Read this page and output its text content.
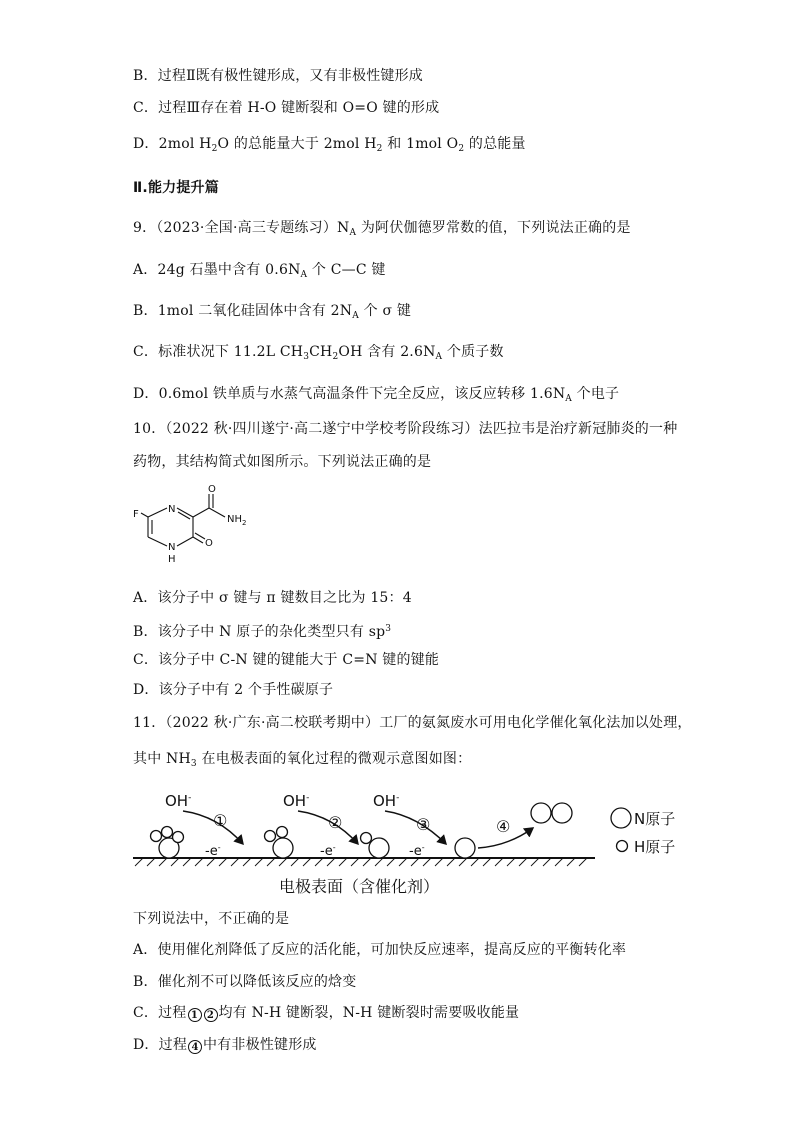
B．过程Ⅱ既有极性键形成，又有非极性键形成
C．过程Ⅲ存在着 H-O 键断裂和 O=O 键的形成
D．2mol $H_2O$ 的总能量大于 2mol $H_2$ 和 1mol $O_2$ 的总能量
Ⅱ.能力提升篇
9．（2023·全国·高三专题练习）$N_A$ 为阿伏伽德罗常数的值，下列说法正确的是
A．24g 石墨中含有 $0.6N_A$ 个 C—C 键
B．1mol 二氧化硅固体中含有 $2N_A$ 个 σ 键
C．标准状况下 11.2L $CH_3CH_2OH$ 含有 $2.6N_A$ 个质子数
D．0.6mol 铁单质与水蒸气高温条件下完全反应，该反应转移 $1.6N_A$ 个电子
10．（2022 秋·四川遂宁·高二遂宁中学校考阶段练习）法匹拉韦是治疗新冠肺炎的一种
药物，其结构简式如图所示。下列说法正确的是
F	N
O
NH 2
N
H
O
A．该分子中 σ 键与 π 键数目之比为 15：4
B．该分子中 N 原子的杂化类型只有 $sp^3$
C．该分子中 C-N 键的键能大于 C=N 键的键能
D．该分子中有 2 个手性碳原子
11．（2022 秋·广东·高二校联考期中）工厂的氨氮废水可用电化学催化氧化法加以处理，
其中 $NH_3$ 在电极表面的氧化过程的微观示意图如图：
OH-	OH-	OH-
①	②	③	④
-e-	-e-	-e-
N原子
H原子
电极表面（含催化剂）
下列说法中，不正确的是
A．使用催化剂降低了反应的活化能，可加快反应速率，提高反应的平衡转化率
B．催化剂不可以降低该反应的焓变
C．过程 1 2 均有 N-H 键断裂，N-H 键断裂时需要吸收能量
D．过程 4 中有非极性键形成
